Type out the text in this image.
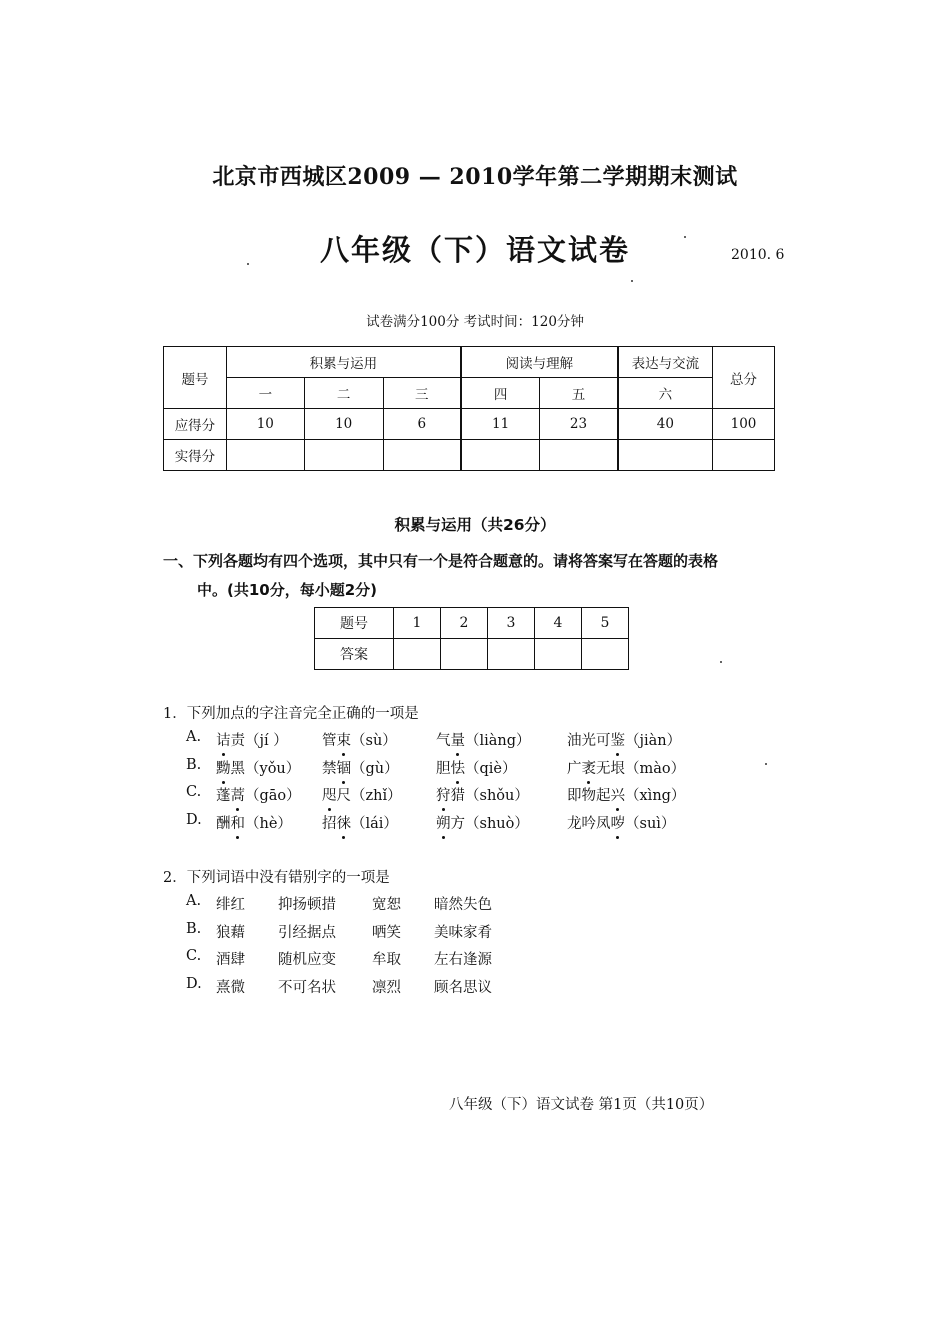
北京市西城区2009 — 2010学年第二学期期末测试
八年级（下）语文试卷	2010. 6
试卷满分100分 考试时间：120分钟
题号	积累与运用			阅读与理解		表达与交流	总分
	一	二	三	四	五	六	
应得分	10	10	6	11	23	40	100
实得分							
积累与运用（共26分）
一、下列各题均有四个选项，其中只有一个是符合题意的。请将答案写在答题的表格
中。(共10分，每小题2分)
题号	1	2	3	4	5
答案					
1．下列加点的字注音完全正确的一项是
2．下列词语中没有错别字的一项是
八年级（下）语文试卷 第1页（共10页）
A. 诘责（jí ） 管束（sù）	气量（liàng）	油光可鉴（jiàn）
B. 黝黑（yǒu） 禁锢（gù）	胆怯（qiè）	广袤无垠（mào）
C. 蓬蒿（gāo） 咫尺（zhǐ） 狩猎（shǒu）	即物起兴（xìng）
D. 酬和（hè） 招徕（lái）	朔方（shuò）	龙吟凤哕（suì）
A. 绯红 抑扬顿措 宽恕 暗然失色
B. 狼藉 引经据点 哂笑 美味家肴
C. 酒肆 随机应变 牟取 左右逢源
D. 熹微 不可名状 凛烈 顾名思议
